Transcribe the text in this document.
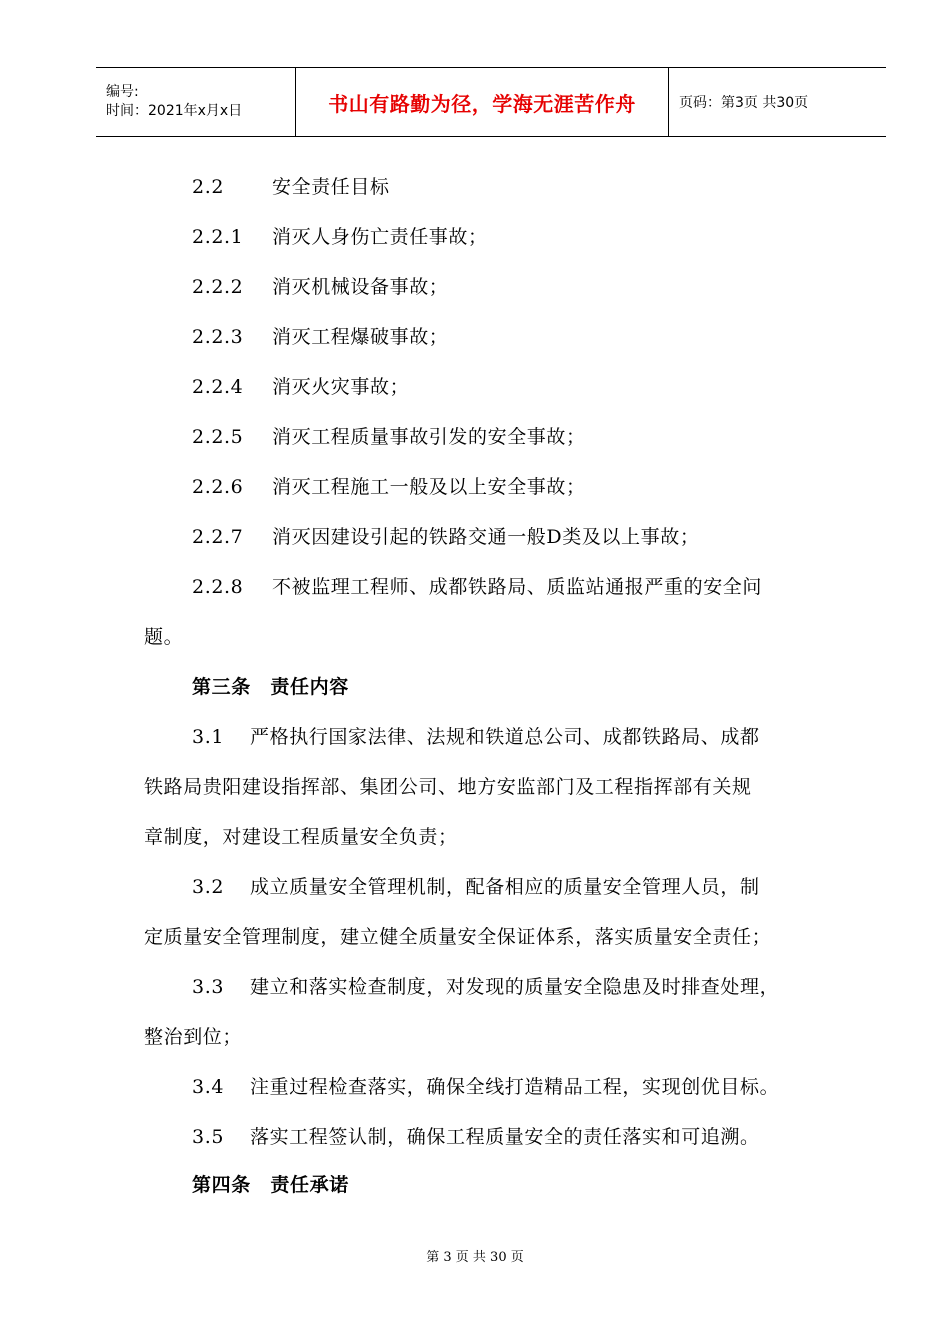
编号:
时间：2021年x月x日	书山有路勤为径，学海无涯苦作舟	页码：第3页 共30页
2.2	安全责任目标
2.2.1 消灭人身伤亡责任事故；
2.2.2 消灭机械设备事故；
2.2.3 消灭工程爆破事故；
2.2.4 消灭火灾事故；
2.2.5 消灭工程质量事故引发的安全事故；
2.2.6 消灭工程施工一般及以上安全事故；
2.2.7 消灭因建设引起的铁路交通一般D类及以上事故；
2.2.8 不被监理工程师、成都铁路局、质监站通报严重的安全问
题。
第三条　责任内容
3.1 严格执行国家法律、法规和铁道总公司、成都铁路局、成都
铁路局贵阳建设指挥部、集团公司、地方安监部门及工程指挥部有关规
章制度，对建设工程质量安全负责；
3.2 成立质量安全管理机制，配备相应的质量安全管理人员，制
定质量安全管理制度，建立健全质量安全保证体系，落实质量安全责任；
3.3 建立和落实检查制度，对发现的质量安全隐患及时排查处理，
整治到位；
3.4 注重过程检查落实，确保全线打造精品工程，实现创优目标。
3.5 落实工程签认制，确保工程质量安全的责任落实和可追溯。
第四条　责任承诺
第 3 页 共 30 页
